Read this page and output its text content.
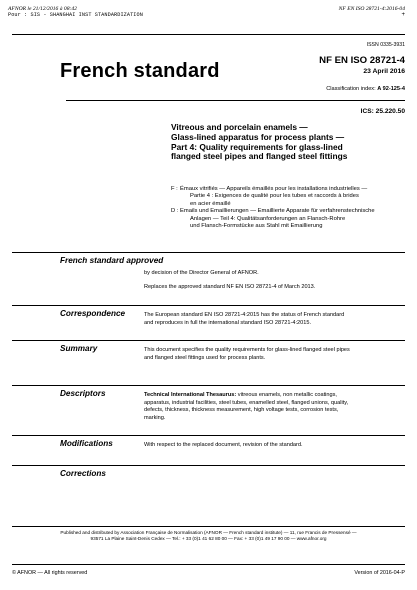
AFNOR le 21/12/2016 à 08:42
Pour : SIS - SHANGHAI INST STANDARDIZATION
NF EN ISO 28721-4:2016-04
+
ISSN 0335-3931
French standard	NF EN ISO 28721-4
23 April 2016
Classification index: A 92-125-4
ICS: 25.220.50
Vitreous and porcelain enamels —
Glass-lined apparatus for process plants —
Part 4: Quality requirements for glass-lined
flanged steel pipes and flanged steel fittings
F : Émaux vitrifiés — Appareils émaillés pour les installations industrielles —
Partie 4 : Exigences de qualité pour les tubes et raccords à brides
en acier émaillé
D : Emails und Emaillierungen — Emaillierte Apparate für verfahrenstechnische
Anlagen — Teil 4: Qualitätsanforderungen an Flansch-Rohre
und Flansch-Formstücke aus Stahl mit Emaillierung
French standard approved
by decision of the Director General of AFNOR.
Replaces the approved standard NF EN ISO 28721-4 of March 2013.
Correspondence	The European standard EN ISO 28721-4:2015 has the status of French standard
and reproduces in full the international standard ISO 28721-4:2015.
Summary	This document specifies the quality requirements for glass-lined flanged steel pipes
and flanged steel fittings used for process plants.
Descriptors	Technical International Thesaurus: vitreous enamels, non metallic coatings,
apparatus, industrial facilities, steel tubes, enamelled steel, flanged unions, quality,
defects, thickness, thickness measurement, high voltage tests, corrosion tests,
marking.
Modifications	With respect to the replaced document, revision of the standard.
Corrections
Published and distributed by Association Française de Normalisation (AFNOR — French standard institute) — 11, rue Francis de Pressensé —
93571 La Plaine Saint-Denis Cedex — Tel.: + 33 (0)1 41 62 80 00 — Fax: + 33 (0)1 49 17 90 00 — www.afnor.org
© AFNOR — All rights reserved	Version of 2016-04-P
